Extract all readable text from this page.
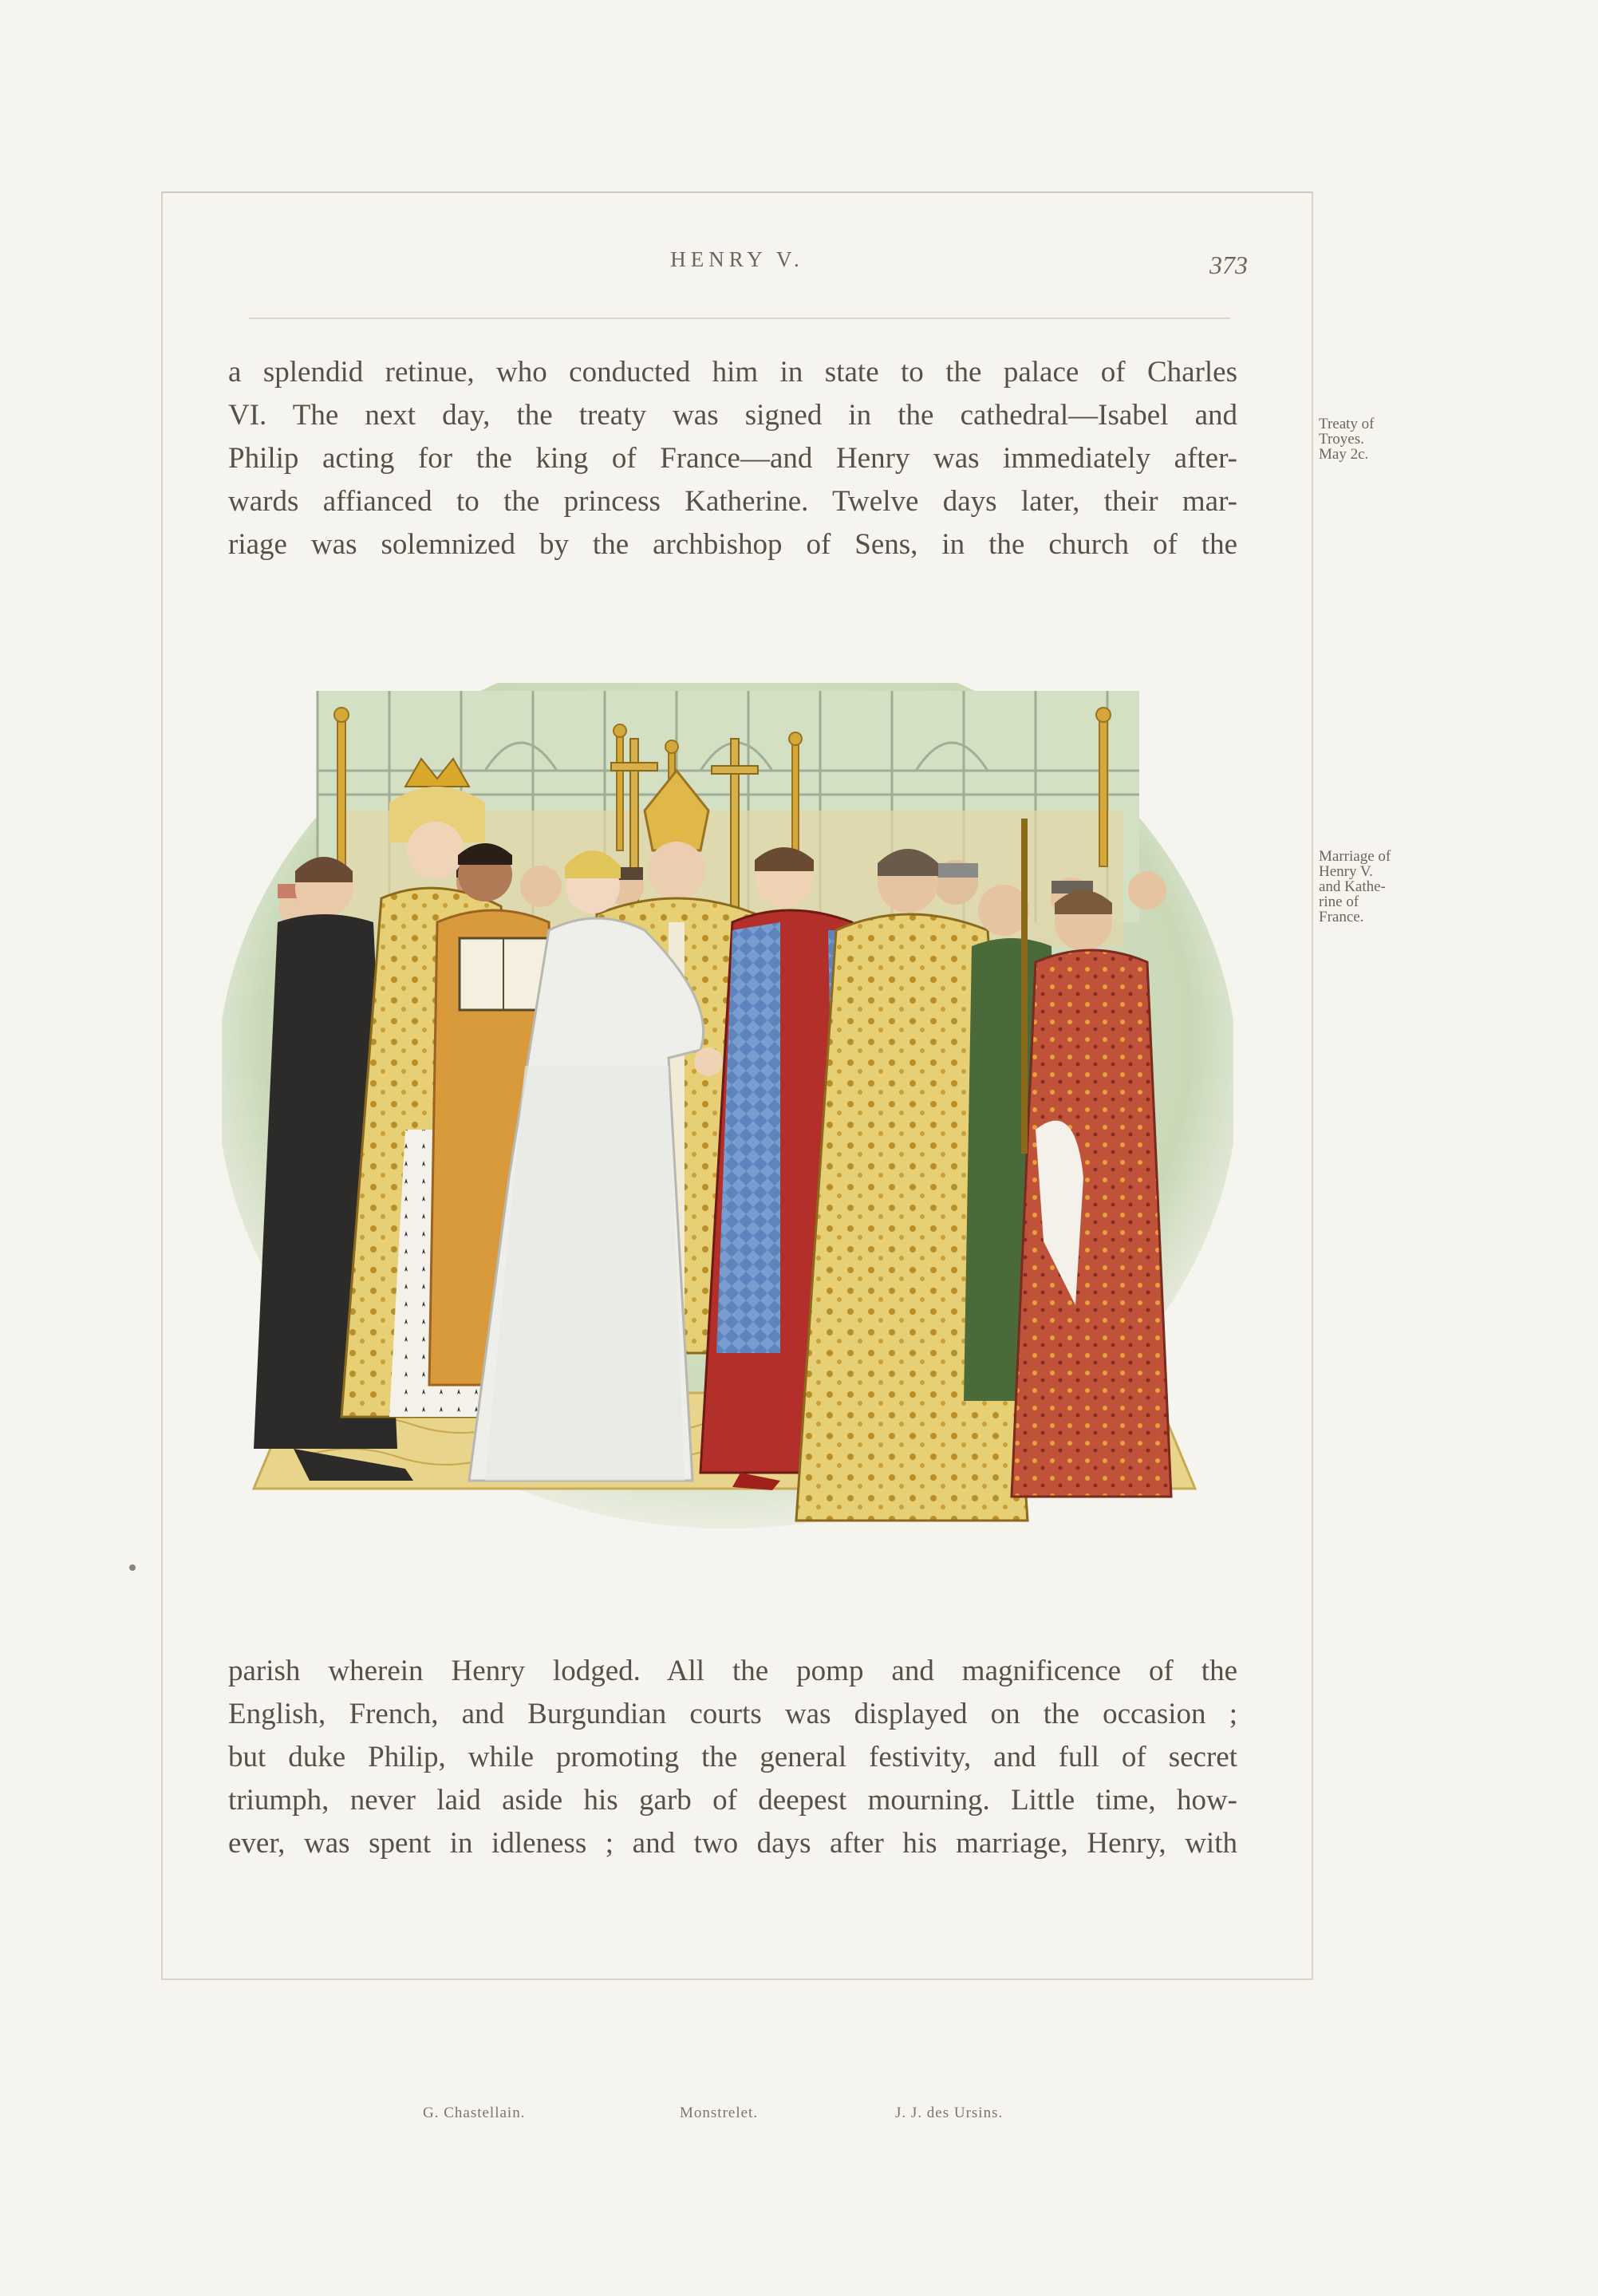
HENRY V.	373
a splendid retinue, who conducted him in state to the palace of Charles
VI. The next day, the treaty was signed in the cathedral—Isabel and
Philip acting for the king of France—and Henry was immediately after-
wards affianced to the princess Katherine. Twelve days later, their mar-
riage was solemnized by the archbishop of Sens, in the church of the
parish wherein Henry lodged. All the pomp and magnificence of the
English, French, and Burgundian courts was displayed on the occasion ;
but duke Philip, while promoting the general festivity, and full of secret
triumph, never laid aside his garb of deepest mourning. Little time, how-
ever, was spent in idleness ; and two days after his marriage, Henry, with
G. Chastellain.	Monstrelet.	J. J. des Ursins.
Treaty of
Troyes.
May 2c.
Marriage of
Henry V.
and Kathe-
rine of
France.
